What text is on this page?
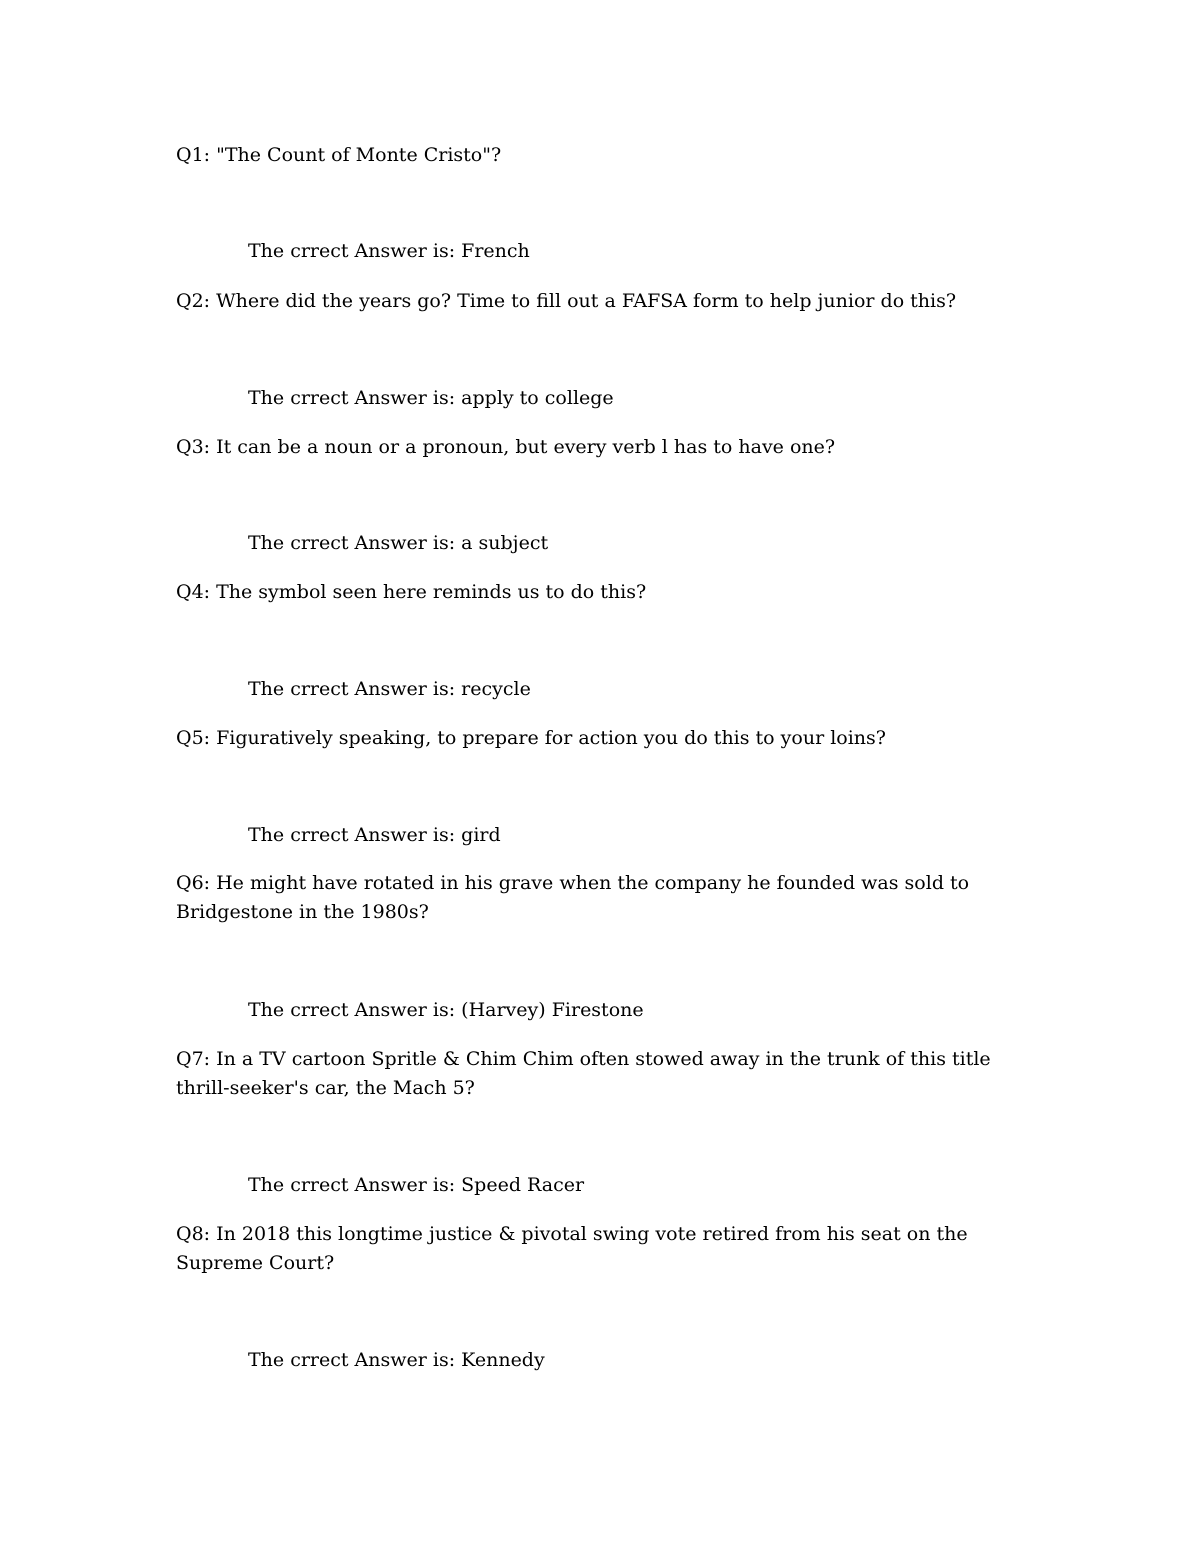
Q1: "The Count of Monte Cristo"?
The crrect Answer is: French
Q2: Where did the years go? Time to fill out a FAFSA form to help junior do this?
The crrect Answer is: apply to college
Q3: It can be a noun or a pronoun, but every verb l has to have one?
The crrect Answer is: a subject
Q4: The symbol seen here reminds us to do this?
The crrect Answer is: recycle
Q5: Figuratively speaking, to prepare for action you do this to your loins?
The crrect Answer is: gird
Q6: He might have rotated in his grave when the company he founded was sold to Bridgestone in the 1980s?
The crrect Answer is: (Harvey) Firestone
Q7: In a TV cartoon Spritle & Chim Chim often stowed away in the trunk of this title thrill-seeker's car, the Mach 5?
The crrect Answer is: Speed Racer
Q8: In 2018 this longtime justice & pivotal swing vote retired from his seat on the Supreme Court?
The crrect Answer is: Kennedy
